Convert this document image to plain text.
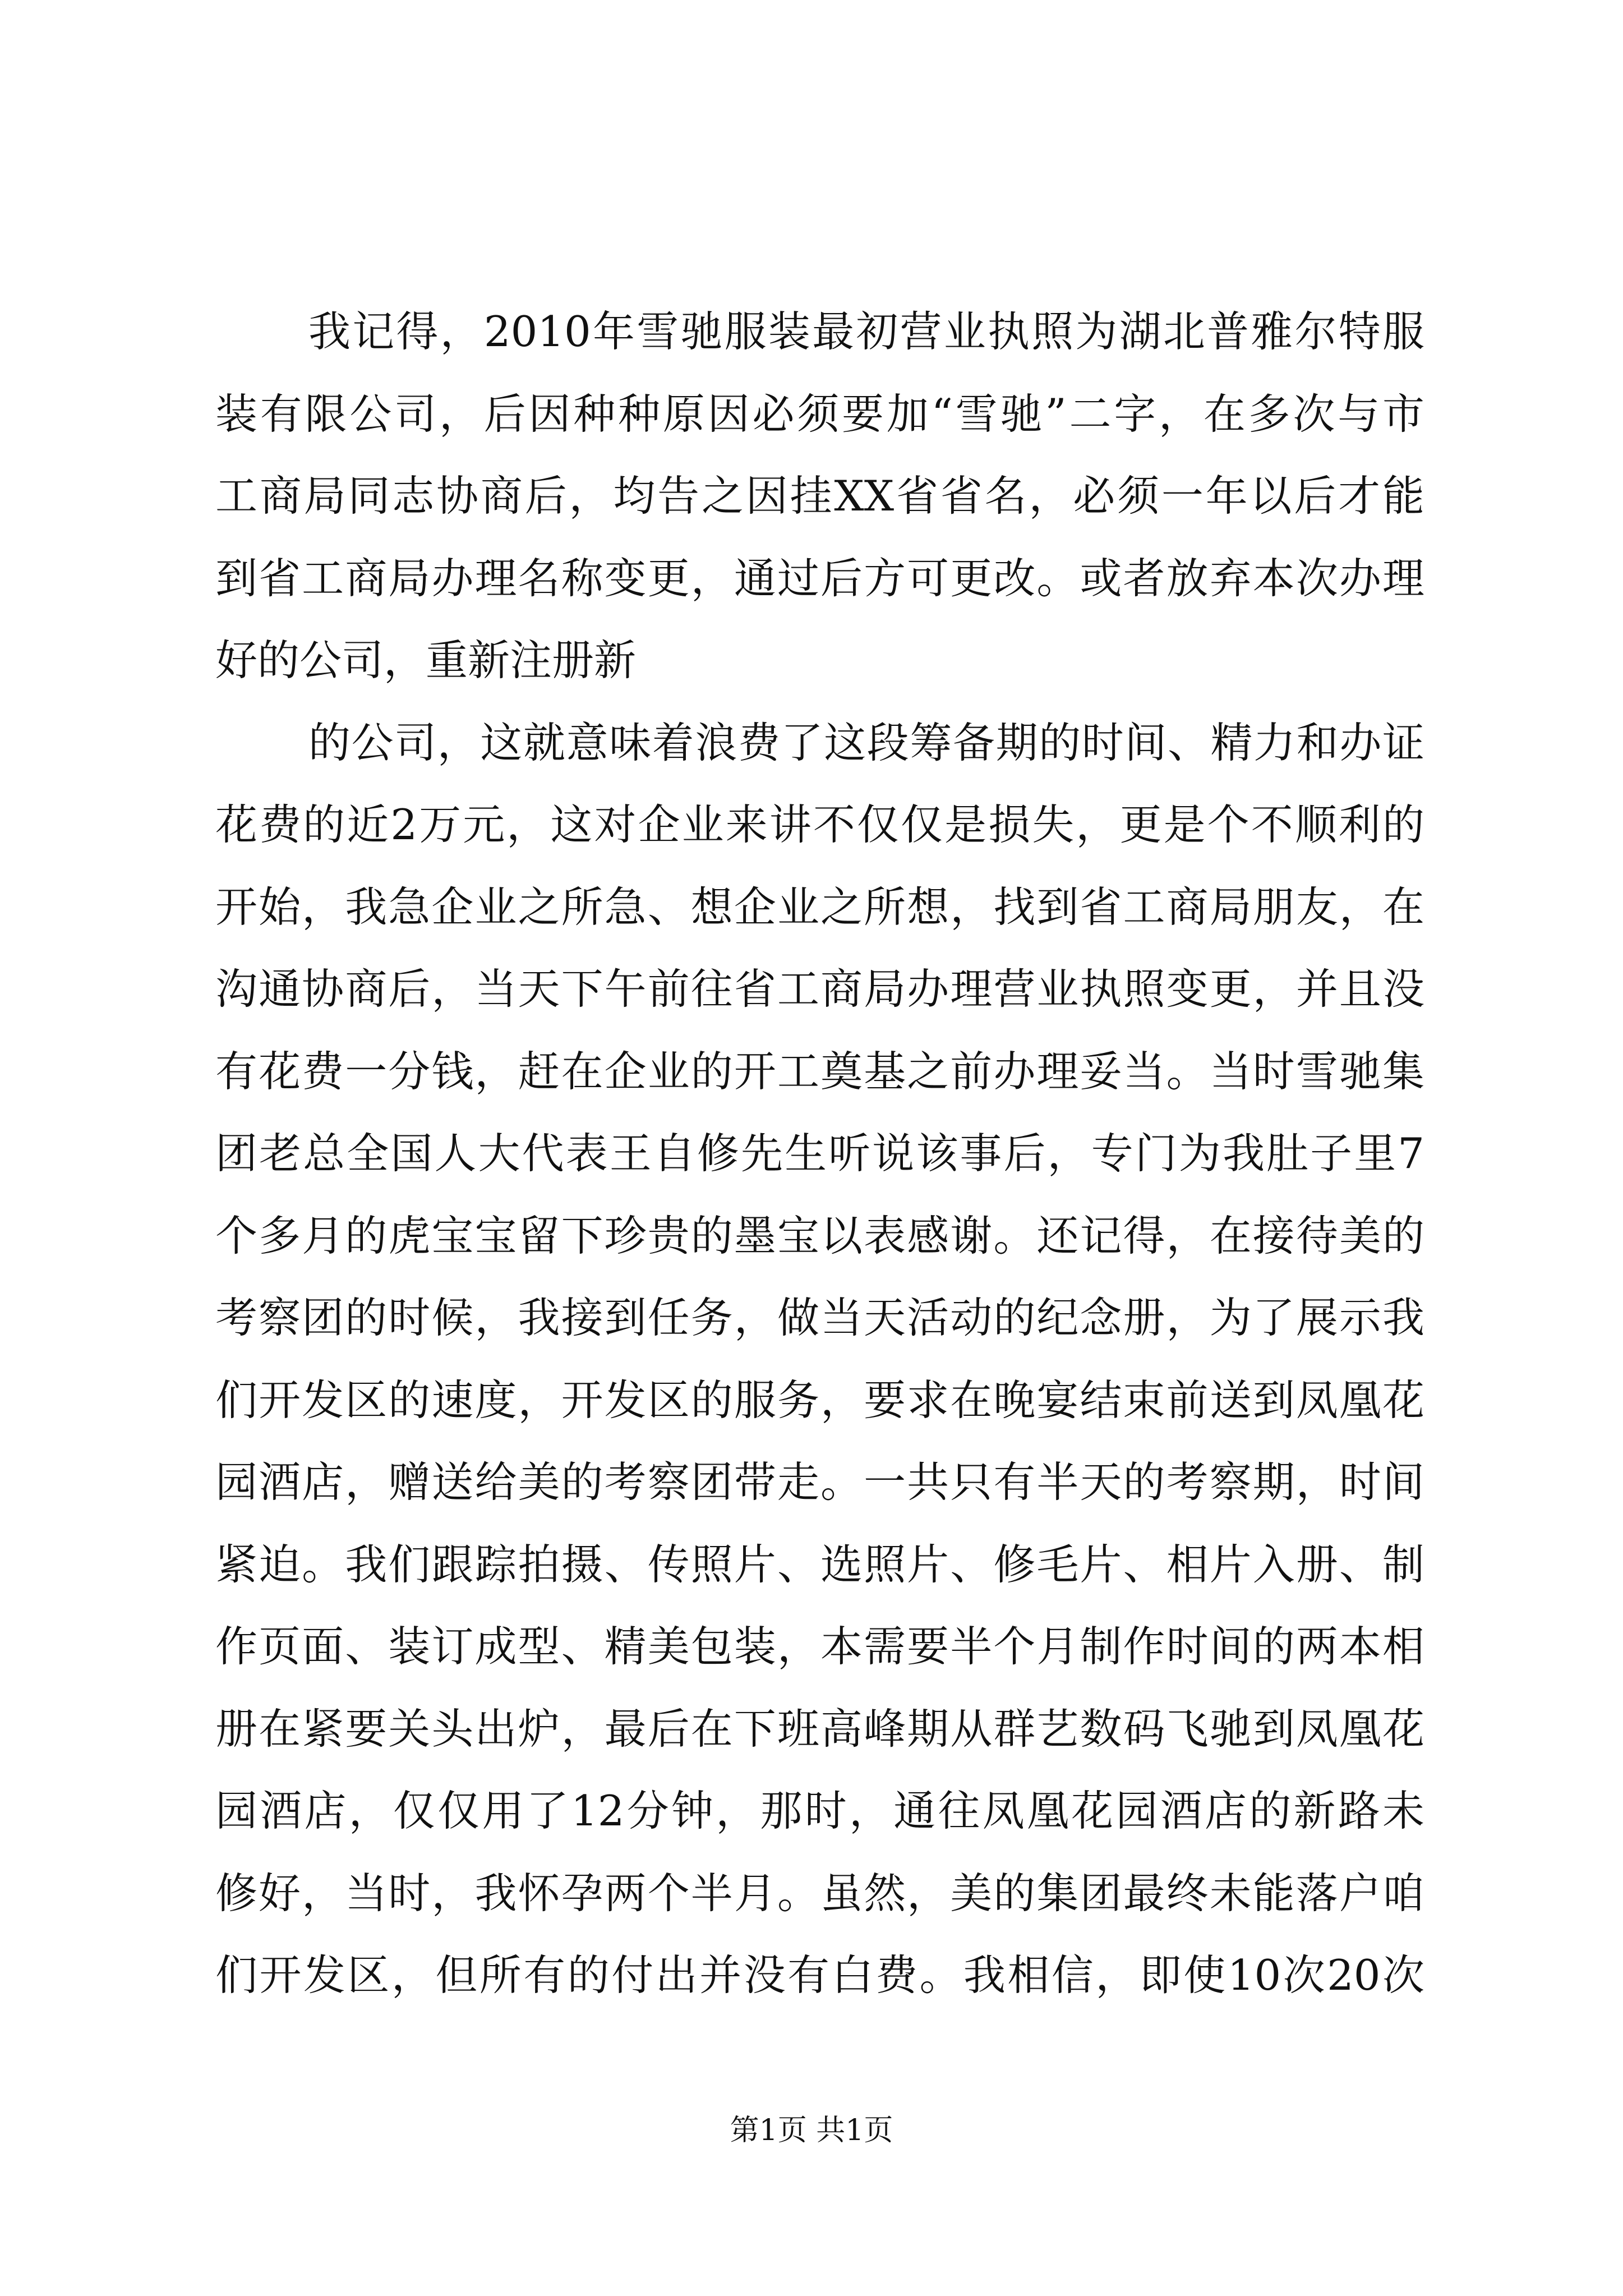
我记得，2010年雪驰服装最初营业执照为湖北普雅尔特服
装有限公司，后因种种原因必须要加“雪驰”二字，在多次与市
工商局同志协商后，均告之因挂XX省省名，必须一年以后才能
到省工商局办理名称变更，通过后方可更改。或者放弃本次办理
好的公司，重新注册新
的公司，这就意味着浪费了这段筹备期的时间、精力和办证
花费的近2万元，这对企业来讲不仅仅是损失，更是个不顺利的
开始，我急企业之所急、想企业之所想，找到省工商局朋友，在
沟通协商后，当天下午前往省工商局办理营业执照变更，并且没
有花费一分钱，赶在企业的开工奠基之前办理妥当。当时雪驰集
团老总全国人大代表王自修先生听说该事后，专门为我肚子里7
个多月的虎宝宝留下珍贵的墨宝以表感谢。还记得，在接待美的
考察团的时候，我接到任务，做当天活动的纪念册，为了展示我
们开发区的速度，开发区的服务，要求在晚宴结束前送到凤凰花
园酒店，赠送给美的考察团带走。一共只有半天的考察期，时间
紧迫。我们跟踪拍摄、传照片、选照片、修毛片、相片入册、制
作页面、装订成型、精美包装，本需要半个月制作时间的两本相
册在紧要关头出炉，最后在下班高峰期从群艺数码飞驰到凤凰花
园酒店，仅仅用了12分钟，那时，通往凤凰花园酒店的新路未
修好，当时，我怀孕两个半月。虽然，美的集团最终未能落户咱
们开发区，但所有的付出并没有白费。我相信，即使10次20次
第1页 共1页
